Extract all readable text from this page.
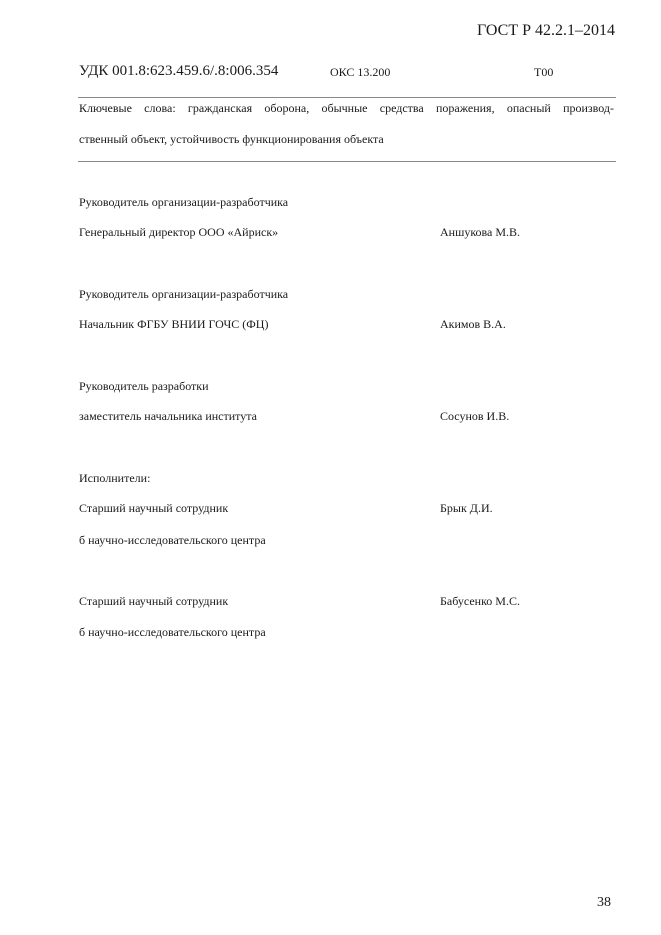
ГОСТ Р 42.2.1–2014
УДК 001.8:623.459.6/.8:006.354	ОКС 13.200	Т00
Ключевые слова: гражданская оборона, обычные средства поражения, опасный производ-
ственный объект, устойчивость функционирования объекта
Руководитель организации-разработчика
Генеральный директор ООО «Айриск»	Аншукова М.В.
Руководитель организации-разработчика
Начальник ФГБУ ВНИИ ГОЧС (ФЦ)	Акимов В.А.
Руководитель разработки
заместитель начальника института	Сосунов И.В.
Исполнители:
Старший научный сотрудник	Брык Д.И.
б научно-исследовательского центра
Старший научный сотрудник	Бабусенко М.С.
б научно-исследовательского центра
38
